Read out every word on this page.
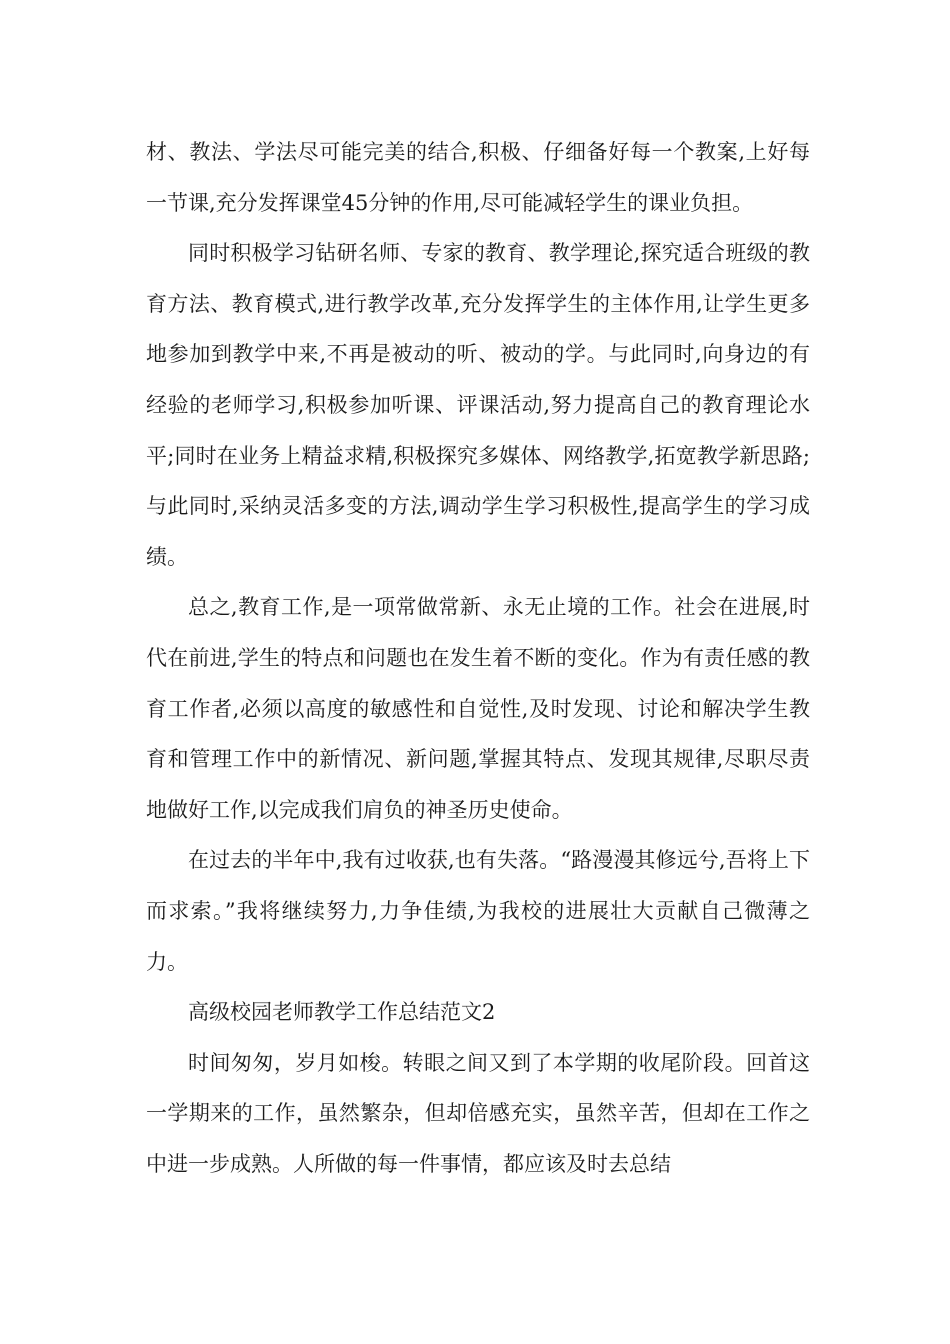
材、教法、学法尽可能完美的结合,积极、仔细备好每一个教案,上好每一节课,充分发挥课堂45分钟的作用,尽可能减轻学生的课业负担。

同时积极学习钻研名师、专家的教育、教学理论,探究适合班级的教育方法、教育模式,进行教学改革,充分发挥学生的主体作用,让学生更多地参加到教学中来,不再是被动的听、被动的学。与此同时,向身边的有经验的老师学习,积极参加听课、评课活动,努力提高自己的教育理论水平;同时在业务上精益求精,积极探究多媒体、网络教学,拓宽教学新思路;与此同时,采纳灵活多变的方法,调动学生学习积极性,提高学生的学习成绩。

总之,教育工作,是一项常做常新、永无止境的工作。社会在进展,时代在前进,学生的特点和问题也在发生着不断的变化。作为有责任感的教育工作者,必须以高度的敏感性和自觉性,及时发现、讨论和解决学生教育和管理工作中的新情况、新问题,掌握其特点、发现其规律,尽职尽责地做好工作,以完成我们肩负的神圣历史使命。

在过去的半年中,我有过收获,也有失落。“路漫漫其修远兮,吾将上下而求索。”我将继续努力,力争佳绩,为我校的进展壮大贡献自己微薄之力。

高级校园老师教学工作总结范文2

时间匆匆，岁月如梭。转眼之间又到了本学期的收尾阶段。回首这一学期来的工作，虽然繁杂，但却倍感充实，虽然辛苦，但却在工作之中进一步成熟。人所做的每一件事情，都应该及时去总结
